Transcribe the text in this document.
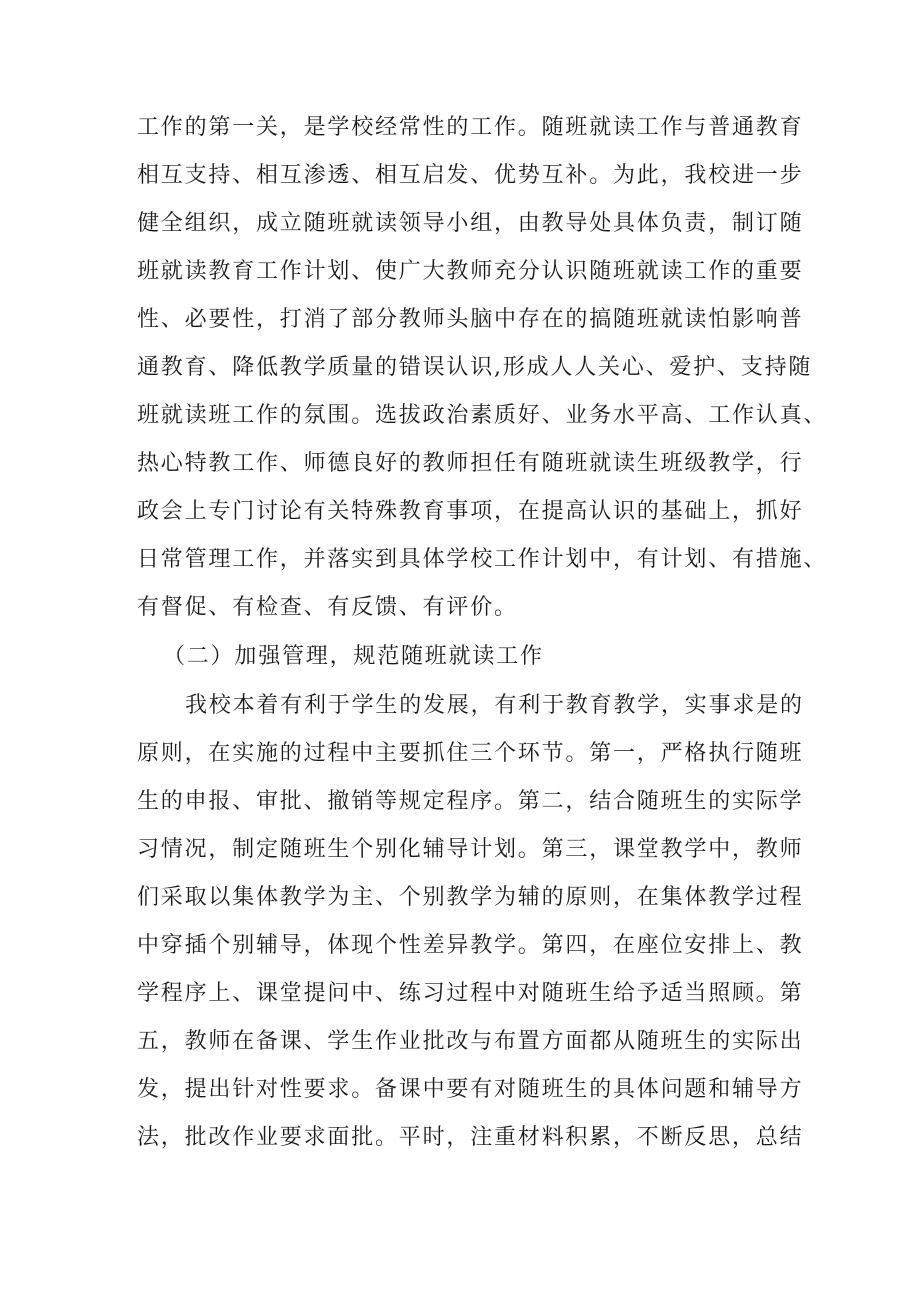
工作的第一关，是学校经常性的工作。随班就读工作与普通教育
相互支持、相互渗透、相互启发、优势互补。为此，我校进一步
健全组织，成立随班就读领导小组，由教导处具体负责，制订随
班就读教育工作计划、使广大教师充分认识随班就读工作的重要
性、必要性，打消了部分教师头脑中存在的搞随班就读怕影响普
通教育、降低教学质量的错误认识,形成人人关心、爱护、支持随
班就读班工作的氛围。选拔政治素质好、业务水平高、工作认真、
热心特教工作、师德良好的教师担任有随班就读生班级教学，行
政会上专门讨论有关特殊教育事项，在提高认识的基础上，抓好
日常管理工作，并落实到具体学校工作计划中，有计划、有措施、
有督促、有检查、有反馈、有评价。
（二）加强管理，规范随班就读工作
我校本着有利于学生的发展，有利于教育教学，实事求是的
原则，在实施的过程中主要抓住三个环节。第一，严格执行随班
生的申报、审批、撤销等规定程序。第二，结合随班生的实际学
习情况，制定随班生个别化辅导计划。第三，课堂教学中，教师
们采取以集体教学为主、个别教学为辅的原则，在集体教学过程
中穿插个别辅导，体现个性差异教学。第四，在座位安排上、教
学程序上、课堂提问中、练习过程中对随班生给予适当照顾。第
五，教师在备课、学生作业批改与布置方面都从随班生的实际出
发，提出针对性要求。备课中要有对随班生的具体问题和辅导方
法，批改作业要求面批。平时，注重材料积累，不断反思，总结
